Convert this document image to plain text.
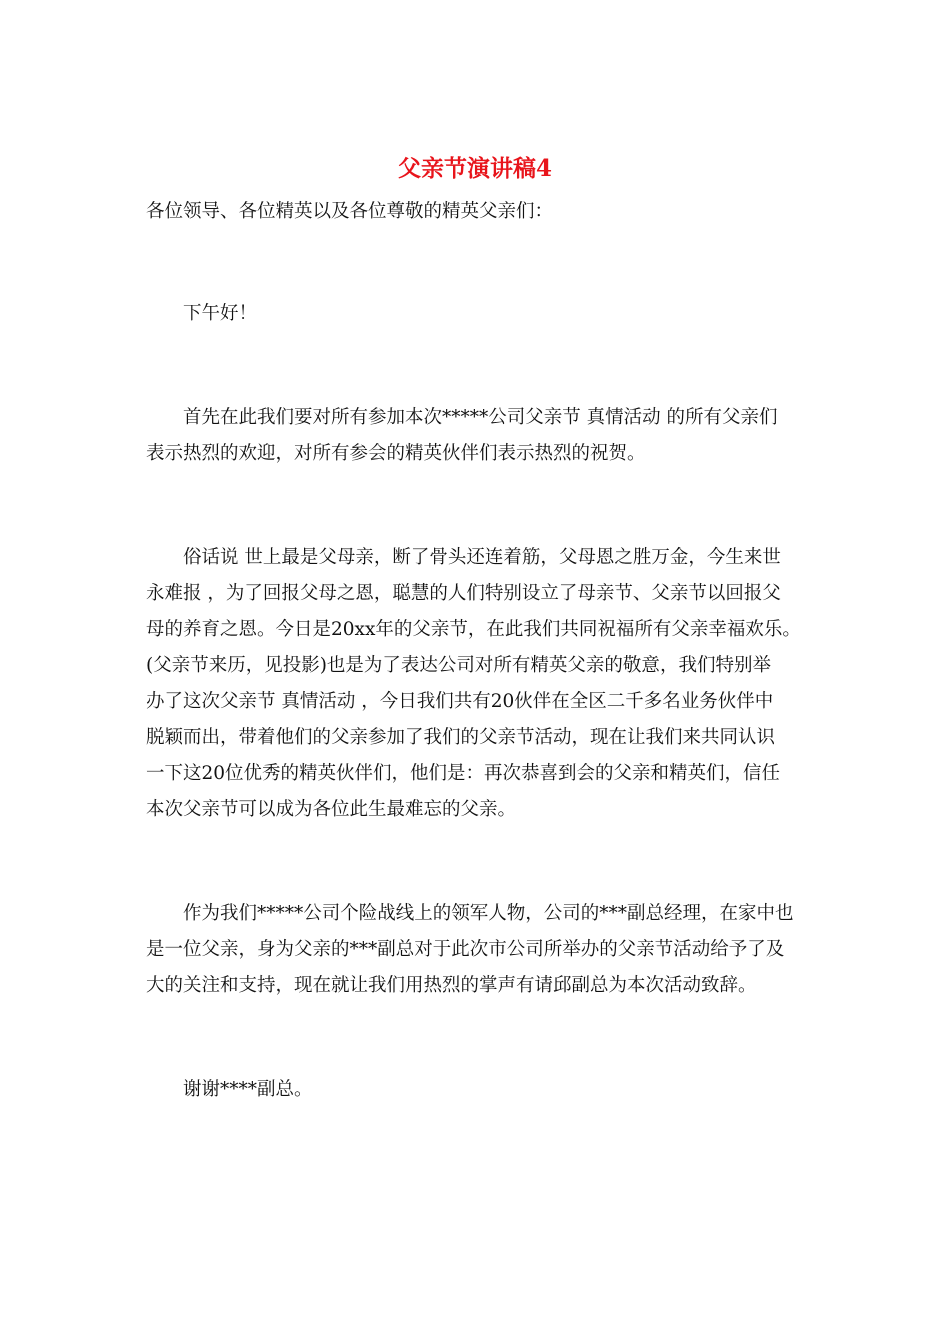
父亲节演讲稿4
各位领导、各位精英以及各位尊敬的精英父亲们：
　　下午好！
　　首先在此我们要对所有参加本次*****公司父亲节 真情活动 的所有父亲们
表示热烈的欢迎，对所有参会的精英伙伴们表示热烈的祝贺。
　　俗话说 世上最是父母亲，断了骨头还连着筋，父母恩之胜万金，今生来世
永难报 ，为了回报父母之恩，聪慧的人们特别设立了母亲节、父亲节以回报父
母的养育之恩。今日是20xx年的父亲节，在此我们共同祝福所有父亲幸福欢乐。
(父亲节来历，见投影)也是为了表达公司对所有精英父亲的敬意，我们特别举
办了这次父亲节 真情活动 ，今日我们共有20伙伴在全区二千多名业务伙伴中
脱颖而出，带着他们的父亲参加了我们的父亲节活动，现在让我们来共同认识
一下这20位优秀的精英伙伴们，他们是：再次恭喜到会的父亲和精英们，信任
本次父亲节可以成为各位此生最难忘的父亲。
　　作为我们*****公司个险战线上的领军人物，公司的***副总经理，在家中也
是一位父亲，身为父亲的***副总对于此次市公司所举办的父亲节活动给予了及
大的关注和支持，现在就让我们用热烈的掌声有请邱副总为本次活动致辞。
　　谢谢****副总。
